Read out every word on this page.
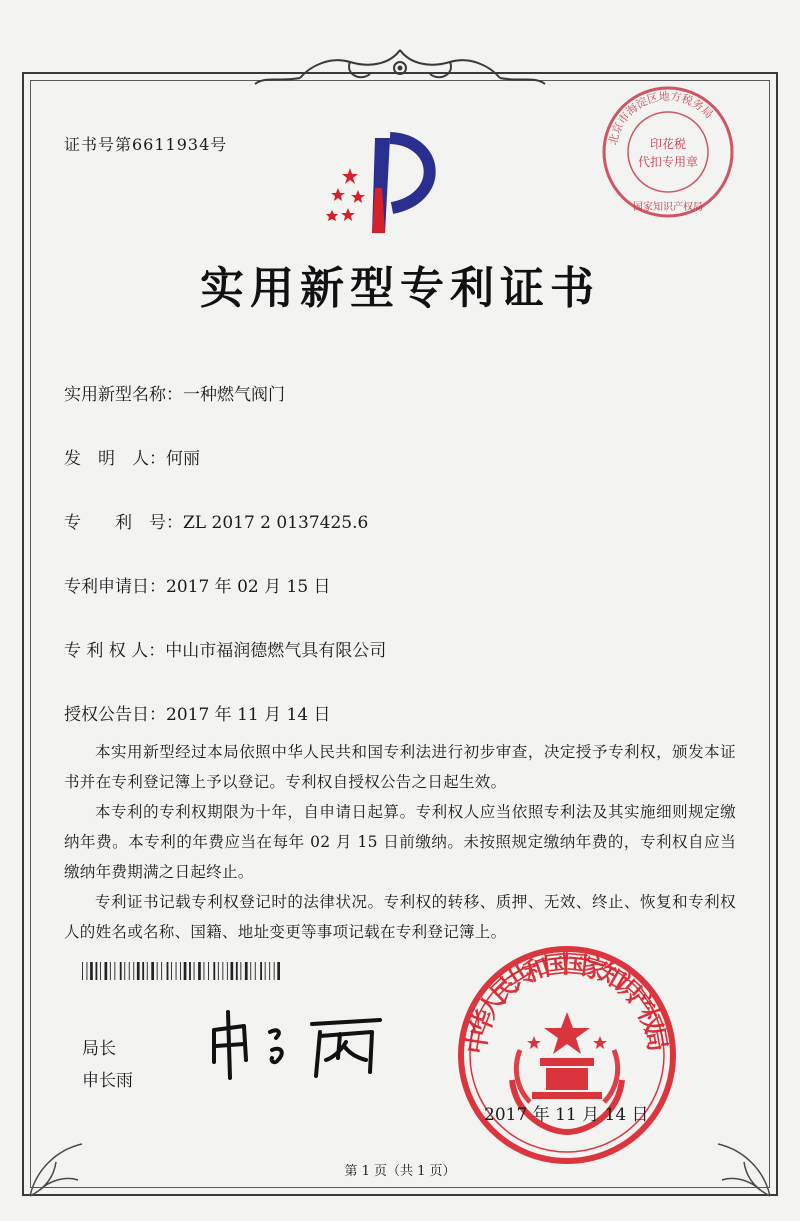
证书号第6611934号	北京市海淀区地方税务局
印花税
代扣专用章
国家知识产权局
实用新型专利证书
实用新型名称：一种燃气阀门
发　明　人：何丽
专　　利　号：ZL 2017 2 0137425.6
专利申请日：2017 年 02 月 15 日
专 利 权 人：中山市福润德燃气具有限公司
授权公告日：2017 年 11 月 14 日
本实用新型经过本局依照中华人民共和国专利法进行初步审查，决定授予专利权，颁发本证书并在专利登记簿上予以登记。专利权自授权公告之日起生效。
本专利的专利权期限为十年，自申请日起算。专利权人应当依照专利法及其实施细则规定缴纳年费。本专利的年费应当在每年 02 月 15 日前缴纳。未按照规定缴纳年费的，专利权自应当缴纳年费期满之日起终止。
专利证书记载专利权登记时的法律状况。专利权的转移、质押、无效、终止、恢复和专利权人的姓名或名称、国籍、地址变更等事项记载在专利登记簿上。
局长
申长雨
中华人民共和国国家知识产权局
2017 年 11 月 14 日
第 1 页（共 1 页）
